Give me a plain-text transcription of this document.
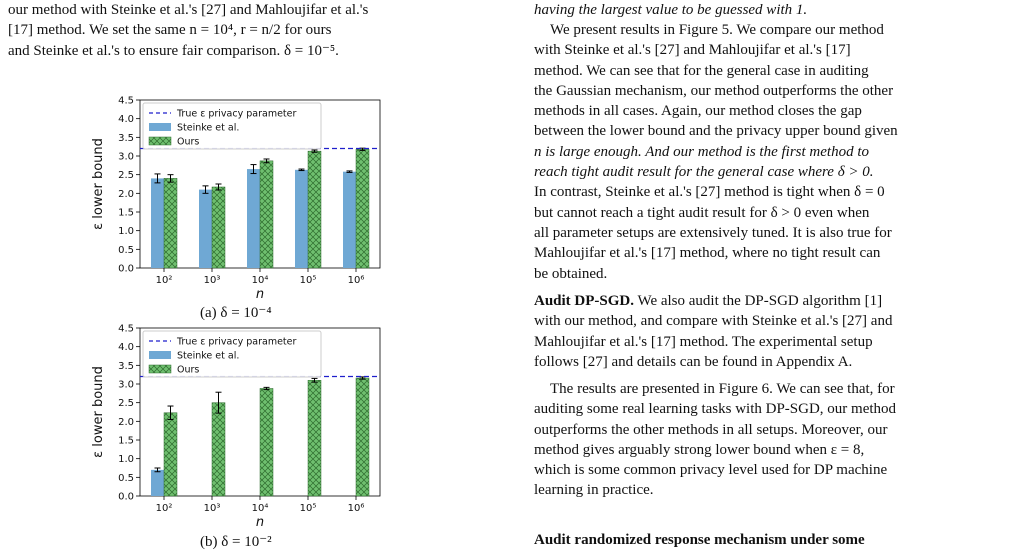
our method with Steinke et al.'s [27] and Mahloujifar et al.'s
[17] method. We set the same n = 10⁴, r = n/2 for ours
and Steinke et al.'s to ensure fair comparison. δ = 10⁻⁵.
0.0
0.5
1.0
1.5
2.0
2.5
3.0
3.5
4.0
4.5
10²	10³	10⁴	10⁵	10⁶
n
ε lower bound
True ε privacy parameter
Steinke et al.
Ours
(a) δ = 10⁻⁴
0.0
0.5
1.0
1.5
2.0
2.5
3.0
3.5
4.0
4.5
10²	10³	10⁴	10⁵	10⁶
n
ε lower bound
True ε privacy parameter
Steinke et al.
Ours
(b) δ = 10⁻²
having the largest value to be guessed with 1.
We present results in Figure 5. We compare our method
with Steinke et al.'s [27] and Mahloujifar et al.'s [17]
method. We can see that for the general case in auditing
the Gaussian mechanism, our method outperforms the other
methods in all cases. Again, our method closes the gap
between the lower bound and the privacy upper bound given
n is large enough. And our method is the first method to
reach tight audit result for the general case where δ > 0.
In contrast, Steinke et al.'s [27] method is tight when δ = 0
but cannot reach a tight audit result for δ > 0 even when
all parameter setups are extensively tuned. It is also true for
Mahloujifar et al.'s [17] method, where no tight result can
be obtained.
Audit DP-SGD. We also audit the DP-SGD algorithm [1]
with our method, and compare with Steinke et al.'s [27] and
Mahloujifar et al.'s [17] method. The experimental setup
follows [27] and details can be found in Appendix A.
The results are presented in Figure 6. We can see that, for
auditing some real learning tasks with DP-SGD, our method
outperforms the other methods in all setups. Moreover, our
method gives arguably strong lower bound when ε = 8,
which is some common privacy level used for DP machine
learning in practice.
Audit randomized response mechanism under some
